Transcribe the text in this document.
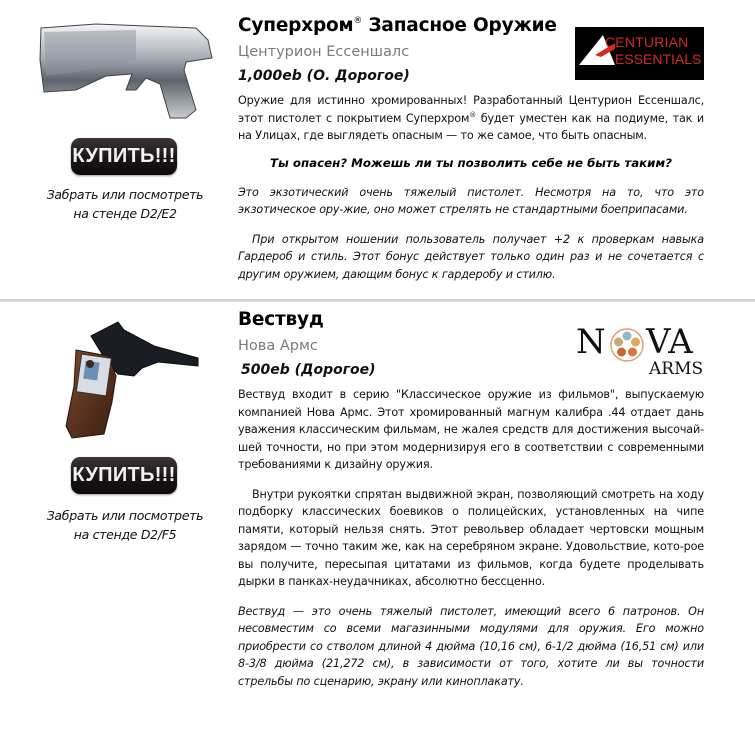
КУПИТЬ!!!
Забрать или посмотреть
на стенде D2/E2
Суперхром® Запасное Оружие
Центурион Ессеншалс
1,000eb (О. Дорогое)
CENTURIAN
ESSENTIALS
Оружие для истинно хромированных! Разработанный Центурион Ессеншалс, этот пистолет с покрытием Суперхром® будет уместен как на подиуме, так и на Улицах, где выглядеть опасным — то же самое, что быть опасным.
Ты опасен? Можешь ли ты позволить себе не быть таким?
Это экзотический очень тяжелый пистолет. Несмотря на то, что это экзотическое ору-жие, оно может стрелять не стандартными боеприпасами.
При открытом ношении пользователь получает +2 к проверкам навыка Гардероб и стиль. Этот бонус действует только один раз и не сочетается с другим оружием, дающим бонус к гардеробу и стилю.
КУПИТЬ!!!
Забрать или посмотреть
на стенде D2/F5
Вествуд
Нова Армс
500eb (Дорогое)
N VA
ARMS
Вествуд входит в серию "Классическое оружие из фильмов", выпускаемую компанией Нова Армс. Этот хромированный магнум калибра .44 отдает дань уважения классическим фильмам, не жалея средств для достижения высочай-шей точности, но при этом модернизируя его в соответствии с современными требованиями к дизайну оружия.
Внутри рукоятки спрятан выдвижной экран, позволяющий смотреть на ходу подборку классических боевиков о полицейских, установленных на чипе памяти, который нельзя снять. Этот револьвер обладает чертовски мощным зарядом — точно таким же, как на серебряном экране. Удовольствие, кото-рое вы получите, пересыпая цитатами из фильмов, когда будете проделывать дырки в панках-неудачниках, абсолютно бессценно.
Вествуд — это очень тяжелый пистолет, имеющий всего 6 патронов. Он несовместим со всеми магазинными модулями для оружия. Его можно приобрести со стволом длиной 4 дюйма (10,16 см), 6-1/2 дюйма (16,51 см) или 8-3/8 дюйма (21,272 см), в зависимости от того, хотите ли вы точности стрельбы по сценарию, экрану или киноплакату.
